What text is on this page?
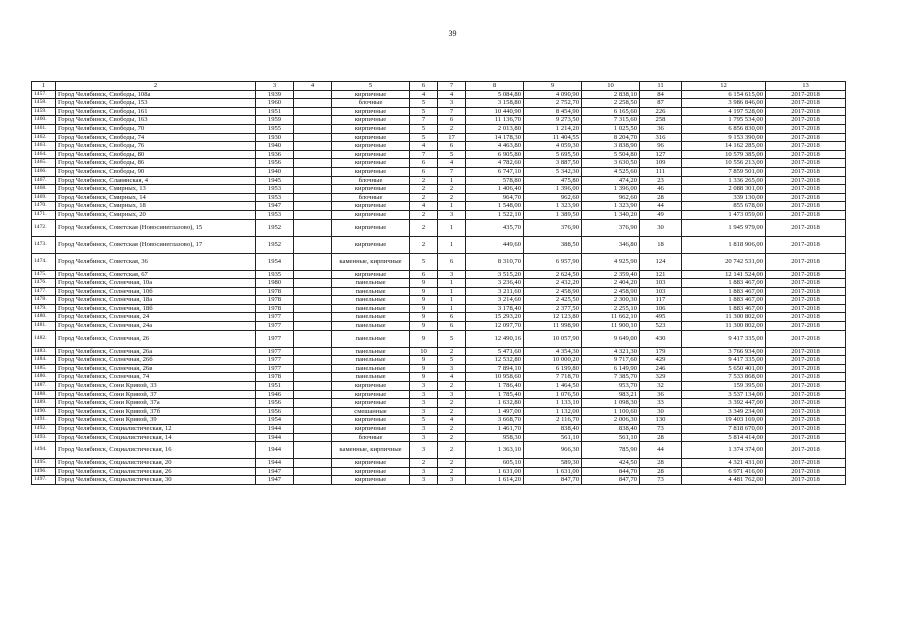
39
1	2	3	4	5	6	7	8	9	10	11	12	13
1457.	Город Челябинск, Свободы, 108а	1939		кирпичные	4	4	5 084,80	4 090,90	2 838,10	84	6 154 615,00	2017-2018
1458.	Город Челябинск, Свободы, 153	1960		блочные	5	3	3 158,80	2 752,70	2 258,50	87	3 986 846,00	2017-2018
1459.	Город Челябинск, Свободы, 161	1951		кирпичные	5	7	10 440,90	8 454,90	6 165,60	226	4 197 528,00	2017-2018
1460.	Город Челябинск, Свободы, 163	1959		кирпичные	7	6	11 136,70	9 273,50	7 315,60	258	1 795 534,00	2017-2018
1461.	Город Челябинск, Свободы, 70	1955		кирпичные	5	2	2 013,80	1 214,20	1 025,50	36	6 856 830,00	2017-2018
1462.	Город Челябинск, Свободы, 74	1930		кирпичные	5	17	14 178,30	11 404,55	8 204,70	316	9 153 390,00	2017-2018
1463.	Город Челябинск, Свободы, 76	1940		кирпичные	4	6	4 463,80	4 059,30	3 838,90	96	14 162 285,00	2017-2018
1464.	Город Челябинск, Свободы, 80	1936		кирпичные	7	5	6 905,80	5 695,50	5 504,80	127	10 579 385,00	2017-2018
1465.	Город Челябинск, Свободы, 86	1956		кирпичные	6	4	4 782,60	3 887,50	3 630,50	109	10 556 213,00	2017-2018
1466.	Город Челябинск, Свободы, 90	1940		кирпичные	6	7	6 747,10	5 342,30	4 525,60	111	7 859 501,00	2017-2018
1467.	Город Челябинск, Славянская, 4	1945		блочные	2	1	578,80	475,80	474,20	23	1 336 265,00	2017-2018
1468.	Город Челябинск, Смирных, 13	1953		кирпичные	2	2	1 406,40	1 396,00	1 396,00	46	2 088 301,00	2017-2018
1469.	Город Челябинск, Смирных, 14	1953		блочные	2	2	964,70	962,60	962,60	28	339 130,00	2017-2018
1470.	Город Челябинск, Смирных, 18	1947		кирпичные	4	1	1 548,00	1 323,90	1 323,90	44	855 678,00	2017-2018
1471.	Город Челябинск, Смирных, 20	1953		кирпичные	2	3	1 522,10	1 389,50	1 340,20	49	1 473 059,00	2017-2018
1472.	Город Челябинск, Советская (Новосинеглазово), 15	1952		кирпичные	2	1	435,70	376,90	376,90	30	1 945 979,00	2017-2018
1473.	Город Челябинск, Советская (Новосинеглазово), 17	1952		кирпичные	2	1	449,60	388,50	346,80	18	1 818 906,00	2017-2018
1474.	Город Челябинск, Советская, 36	1954		каменные, кирпичные	5	6	8 310,70	6 957,90	4 925,90	124	20 742 531,00	2017-2018
1475.	Город Челябинск, Советская, 67	1935		кирпичные	6	3	3 515,20	2 624,50	2 359,40	121	12 141 524,00	2017-2018
1476.	Город Челябинск, Солнечная, 10а	1980		панельные	9	1	3 236,40	2 432,20	2 404,20	103	1 883 467,00	2017-2018
1477.	Город Челябинск, Солнечная, 10б	1978		панельные	9	1	3 211,60	2 458,90	2 458,90	103	1 883 467,00	2017-2018
1478.	Город Челябинск, Солнечная, 18а	1978		панельные	9	1	3 214,60	2 425,50	2 300,30	117	1 883 467,00	2017-2018
1479.	Город Челябинск, Солнечная, 18б	1978		панельные	9	1	3 178,40	2 377,50	2 255,10	106	1 883 467,00	2017-2018
1480.	Город Челябинск, Солнечная, 24	1977		панельные	9	6	15 293,20	12 123,80	11 662,10	495	11 300 802,00	2017-2018
1481.	Город Челябинск, Солнечная, 24а	1977		панельные	9	6	12 097,70	11 998,90	11 900,10	523	11 300 802,00	2017-2018
1482.	Город Челябинск, Солнечная, 26	1977		панельные	9	5	12 490,16	10 057,90	9 649,00	430	9 417 335,00	2017-2018
1483.	Город Челябинск, Солнечная, 26а	1977		панельные	10	2	5 471,60	4 354,30	4 321,30	179	3 766 934,00	2017-2018
1484.	Город Челябинск, Солнечная, 26б	1977		панельные	9	5	12 532,80	10 000,20	9 717,60	429	9 417 335,00	2017-2018
1485.	Город Челябинск, Солнечная, 26в	1977		панельные	9	3	7 894,10	6 199,80	6 149,90	246	5 650 401,00	2017-2018
1486.	Город Челябинск, Солнечная, 74	1978		панельные	9	4	10 958,60	7 718,70	7 385,70	329	7 533 868,00	2017-2018
1487.	Город Челябинск, Сони Кривой, 33	1951		кирпичные	3	2	1 786,40	1 464,50	953,70	32	159 395,00	2017-2018
1488.	Город Челябинск, Сони Кривой, 37	1946		кирпичные	3	3	1 785,40	1 076,50	983,21	36	3 537 134,00	2017-2018
1489.	Город Челябинск, Сони Кривой, 37а	1956		кирпичные	3	2	1 632,80	1 133,10	1 098,30	33	3 392 447,00	2017-2018
1490.	Город Челябинск, Сони Кривой, 37б	1956		смешанные	3	2	1 497,00	1 132,00	1 100,60	30	3 349 234,00	2017-2018
1491.	Город Челябинск, Сони Кривой, 39	1954		кирпичные	5	4	3 668,70	2 116,70	2 006,30	130	19 403 169,00	2017-2018
1492.	Город Челябинск, Социалистическая, 12	1944		кирпичные	3	2	1 461,70	838,40	838,40	73	7 818 670,00	2017-2018
1493.	Город Челябинск, Социалистическая, 14	1944		блочные	3	2	958,30	561,10	561,10	28	5 814 414,00	2017-2018
1494.	Город Челябинск, Социалистическая, 16	1944		каменные, кирпичные	3	2	1 363,10	966,30	785,90	44	1 374 374,00	2017-2018
1495.	Город Челябинск, Социалистическая, 20	1944		кирпичные	2	2	605,10	589,30	424,50	28	4 321 431,00	2017-2018
1496.	Город Челябинск, Социалистическая, 26	1947		кирпичные	3	2	1 631,00	1 631,00	844,70	28	6 971 416,00	2017-2018
1497.	Город Челябинск, Социалистическая, 30	1947		кирпичные	3	3	1 614,20	847,70	847,70	73	4 481 762,00	2017-2018
